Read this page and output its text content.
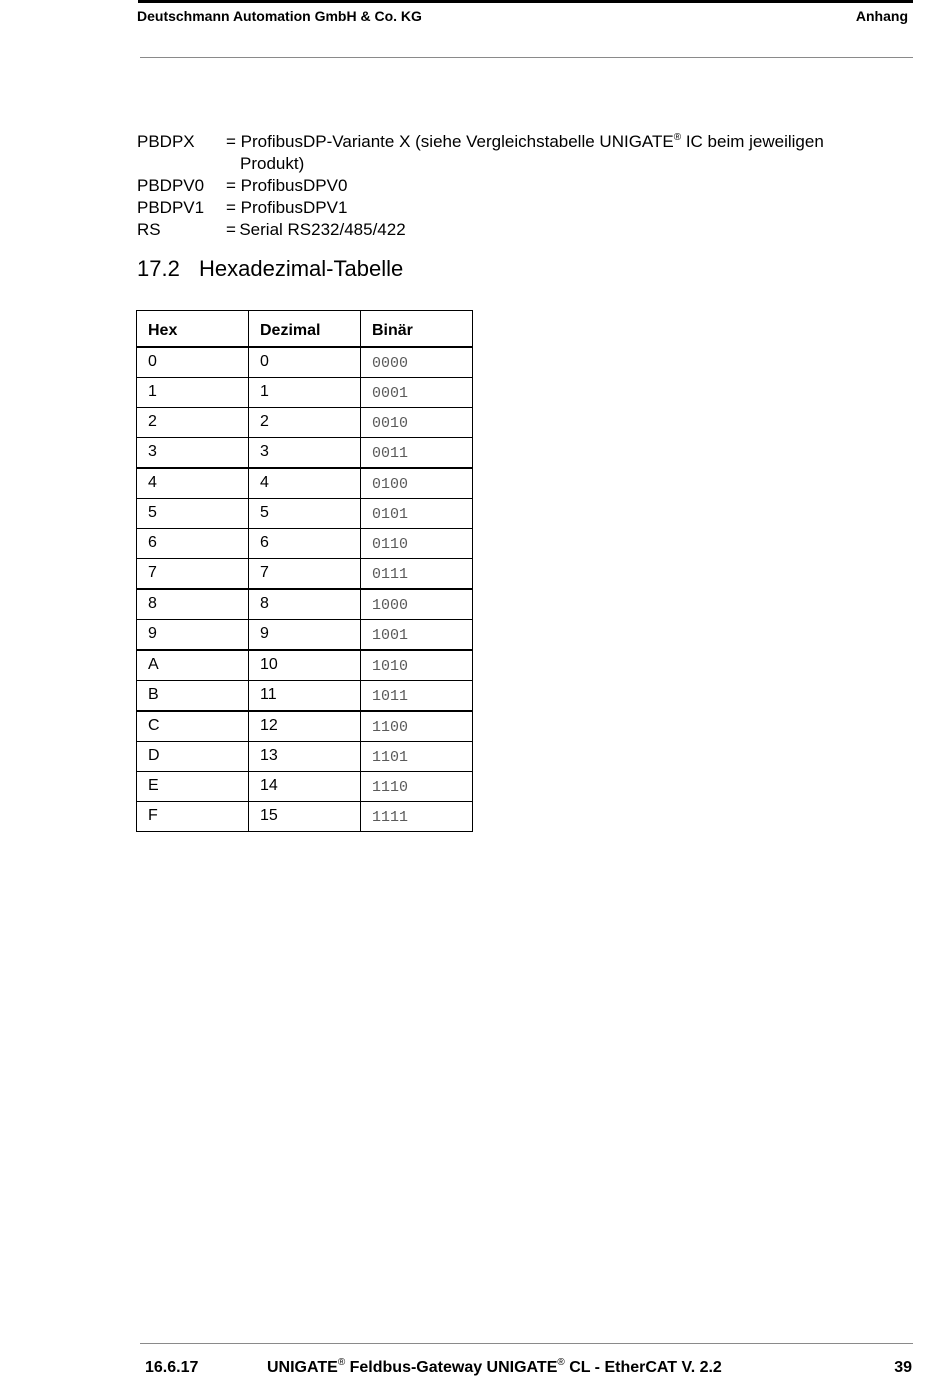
Deutschmann Automation GmbH & Co. KG	Anhang
PBDPX	= ProfibusDP-Variante X (siehe Vergleichstabelle UNIGATE® IC beim jeweiligen
Produkt)
PBDPV0	= ProfibusDPV0
PBDPV1	= ProfibusDPV1
RS	= Serial RS232/485/422
17.2 Hexadezimal-Tabelle
Hex	Dezimal	Binär
0	0	0000
1	1	0001
2	2	0010
3	3	0011
4	4	0100
5	5	0101
6	6	0110
7	7	0111
8	8	1000
9	9	1001
A	10	1010
B	11	1011
C	12	1100
D	13	1101
E	14	1110
F	15	1111
16.6.17	UNIGATE® Feldbus-Gateway UNIGATE® CL - EtherCAT V. 2.2	39
